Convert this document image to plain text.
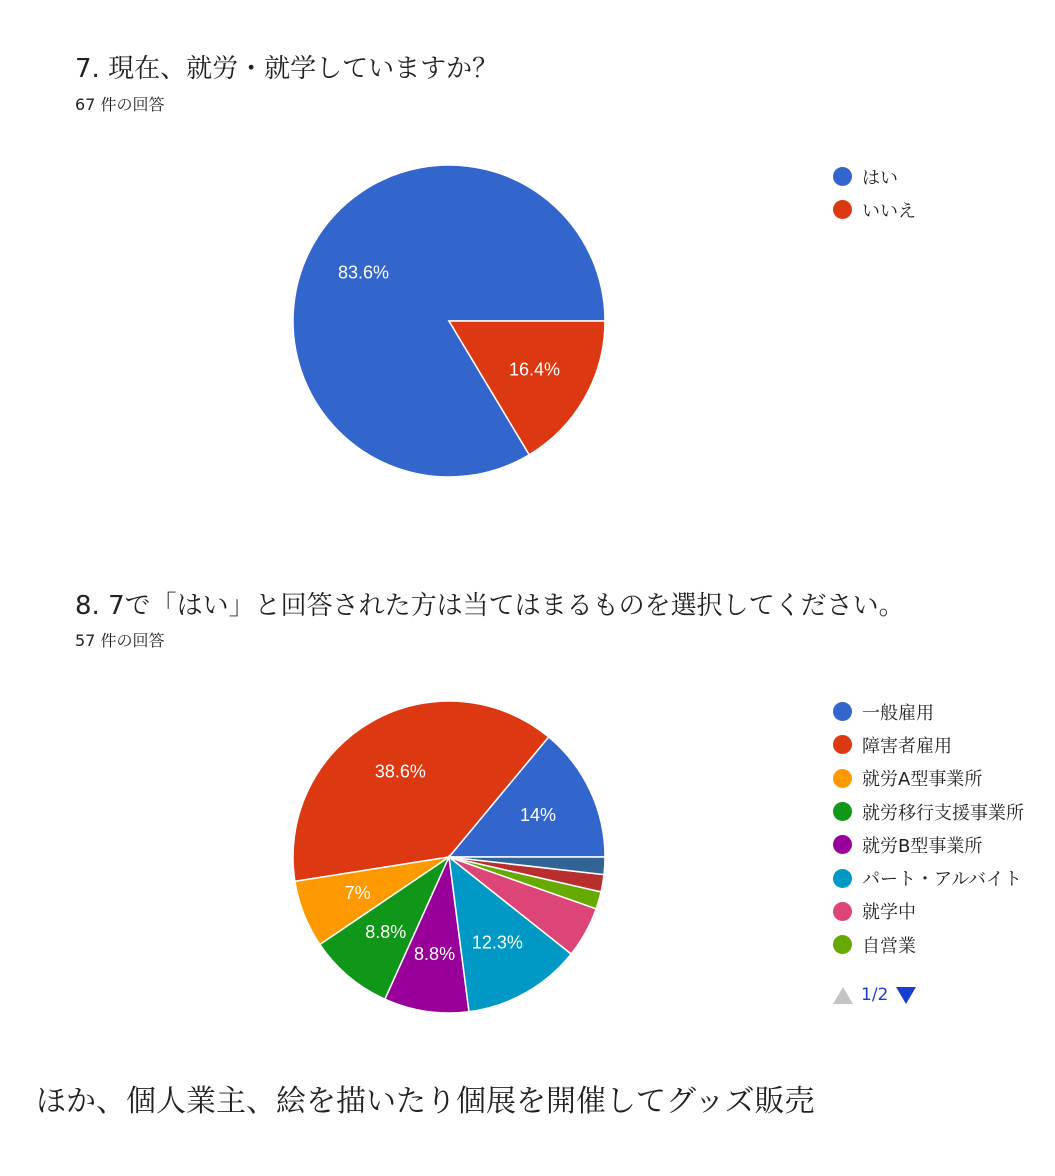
7. 現在、就労・就学していますか？
67 件の回答
83.6%
16.4%
はい
いいえ
8. 7で「はい」と回答された方は当てはまるものを選択してください。
57 件の回答
14%
38.6%
7%
8.8%
8.8%
12.3%
一般雇用
障害者雇用
就労A型事業所
就労移行支援事業所
就労B型事業所
パート・アルバイト
就学中
自営業
1/2
ほか、個人業主、絵を描いたり個展を開催してグッズ販売
